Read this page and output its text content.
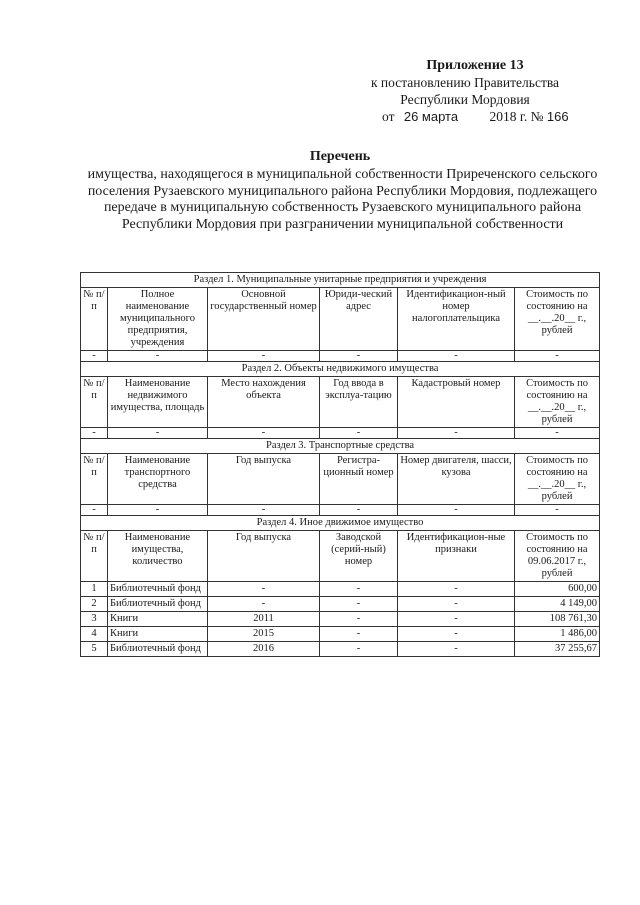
Приложение 13
к постановлению Правительства
Республики Мордовия
от 26 марта 2018 г. № 166
Перечень
имущества, находящегося в муниципальной собственности Приреченского сельского поселения Рузаевского муниципального района Республики Мордовия, подлежащего передаче в муниципальную собственность Рузаевского муниципального района Республики Мордовия при разграничении муниципальной собственности
Раздел 1. Муниципальные унитарные предприятия и учреждения					
№ п/п	Полное наименование муниципального предприятия, учреждения	Основной государственный номер	Юриди-ческий адрес	Идентификацион-ный номер налогоплательщика	Стоимость по состоянию на __.__.20__ г., рублей
-	-	-	-	-	-
Раздел 2. Объекты недвижимого имущества					
№ п/п	Наименование недвижимого имущества, площадь	Место нахождения объекта	Год ввода в эксплуа-тацию	Кадастровый номер	Стоимость по состоянию на __.__.20__ г., рублей
-	-	-	-	-	-
Раздел 3. Транспортные средства					
№ п/п	Наименование транспортного средства	Год выпуска	Регистра-ционный номер	Номер двигателя, шасси, кузова	Стоимость по состоянию на __.__.20__ г., рублей
-	-	-	-	-	-
Раздел 4. Иное движимое имущество					
№ п/п	Наименование имущества, количество	Год выпуска	Заводской (серий-ный) номер	Идентификацион-ные признаки	Стоимость по состоянию на 09.06.2017 г., рублей
1	Библиотечный фонд	-	-	-	600,00
2	Библиотечный фонд	-	-	-	4 149,00
3	Книги	2011	-	-	108 761,30
4	Книги	2015	-	-	1 486,00
5	Библиотечный фонд	2016	-	-	37 255,67
